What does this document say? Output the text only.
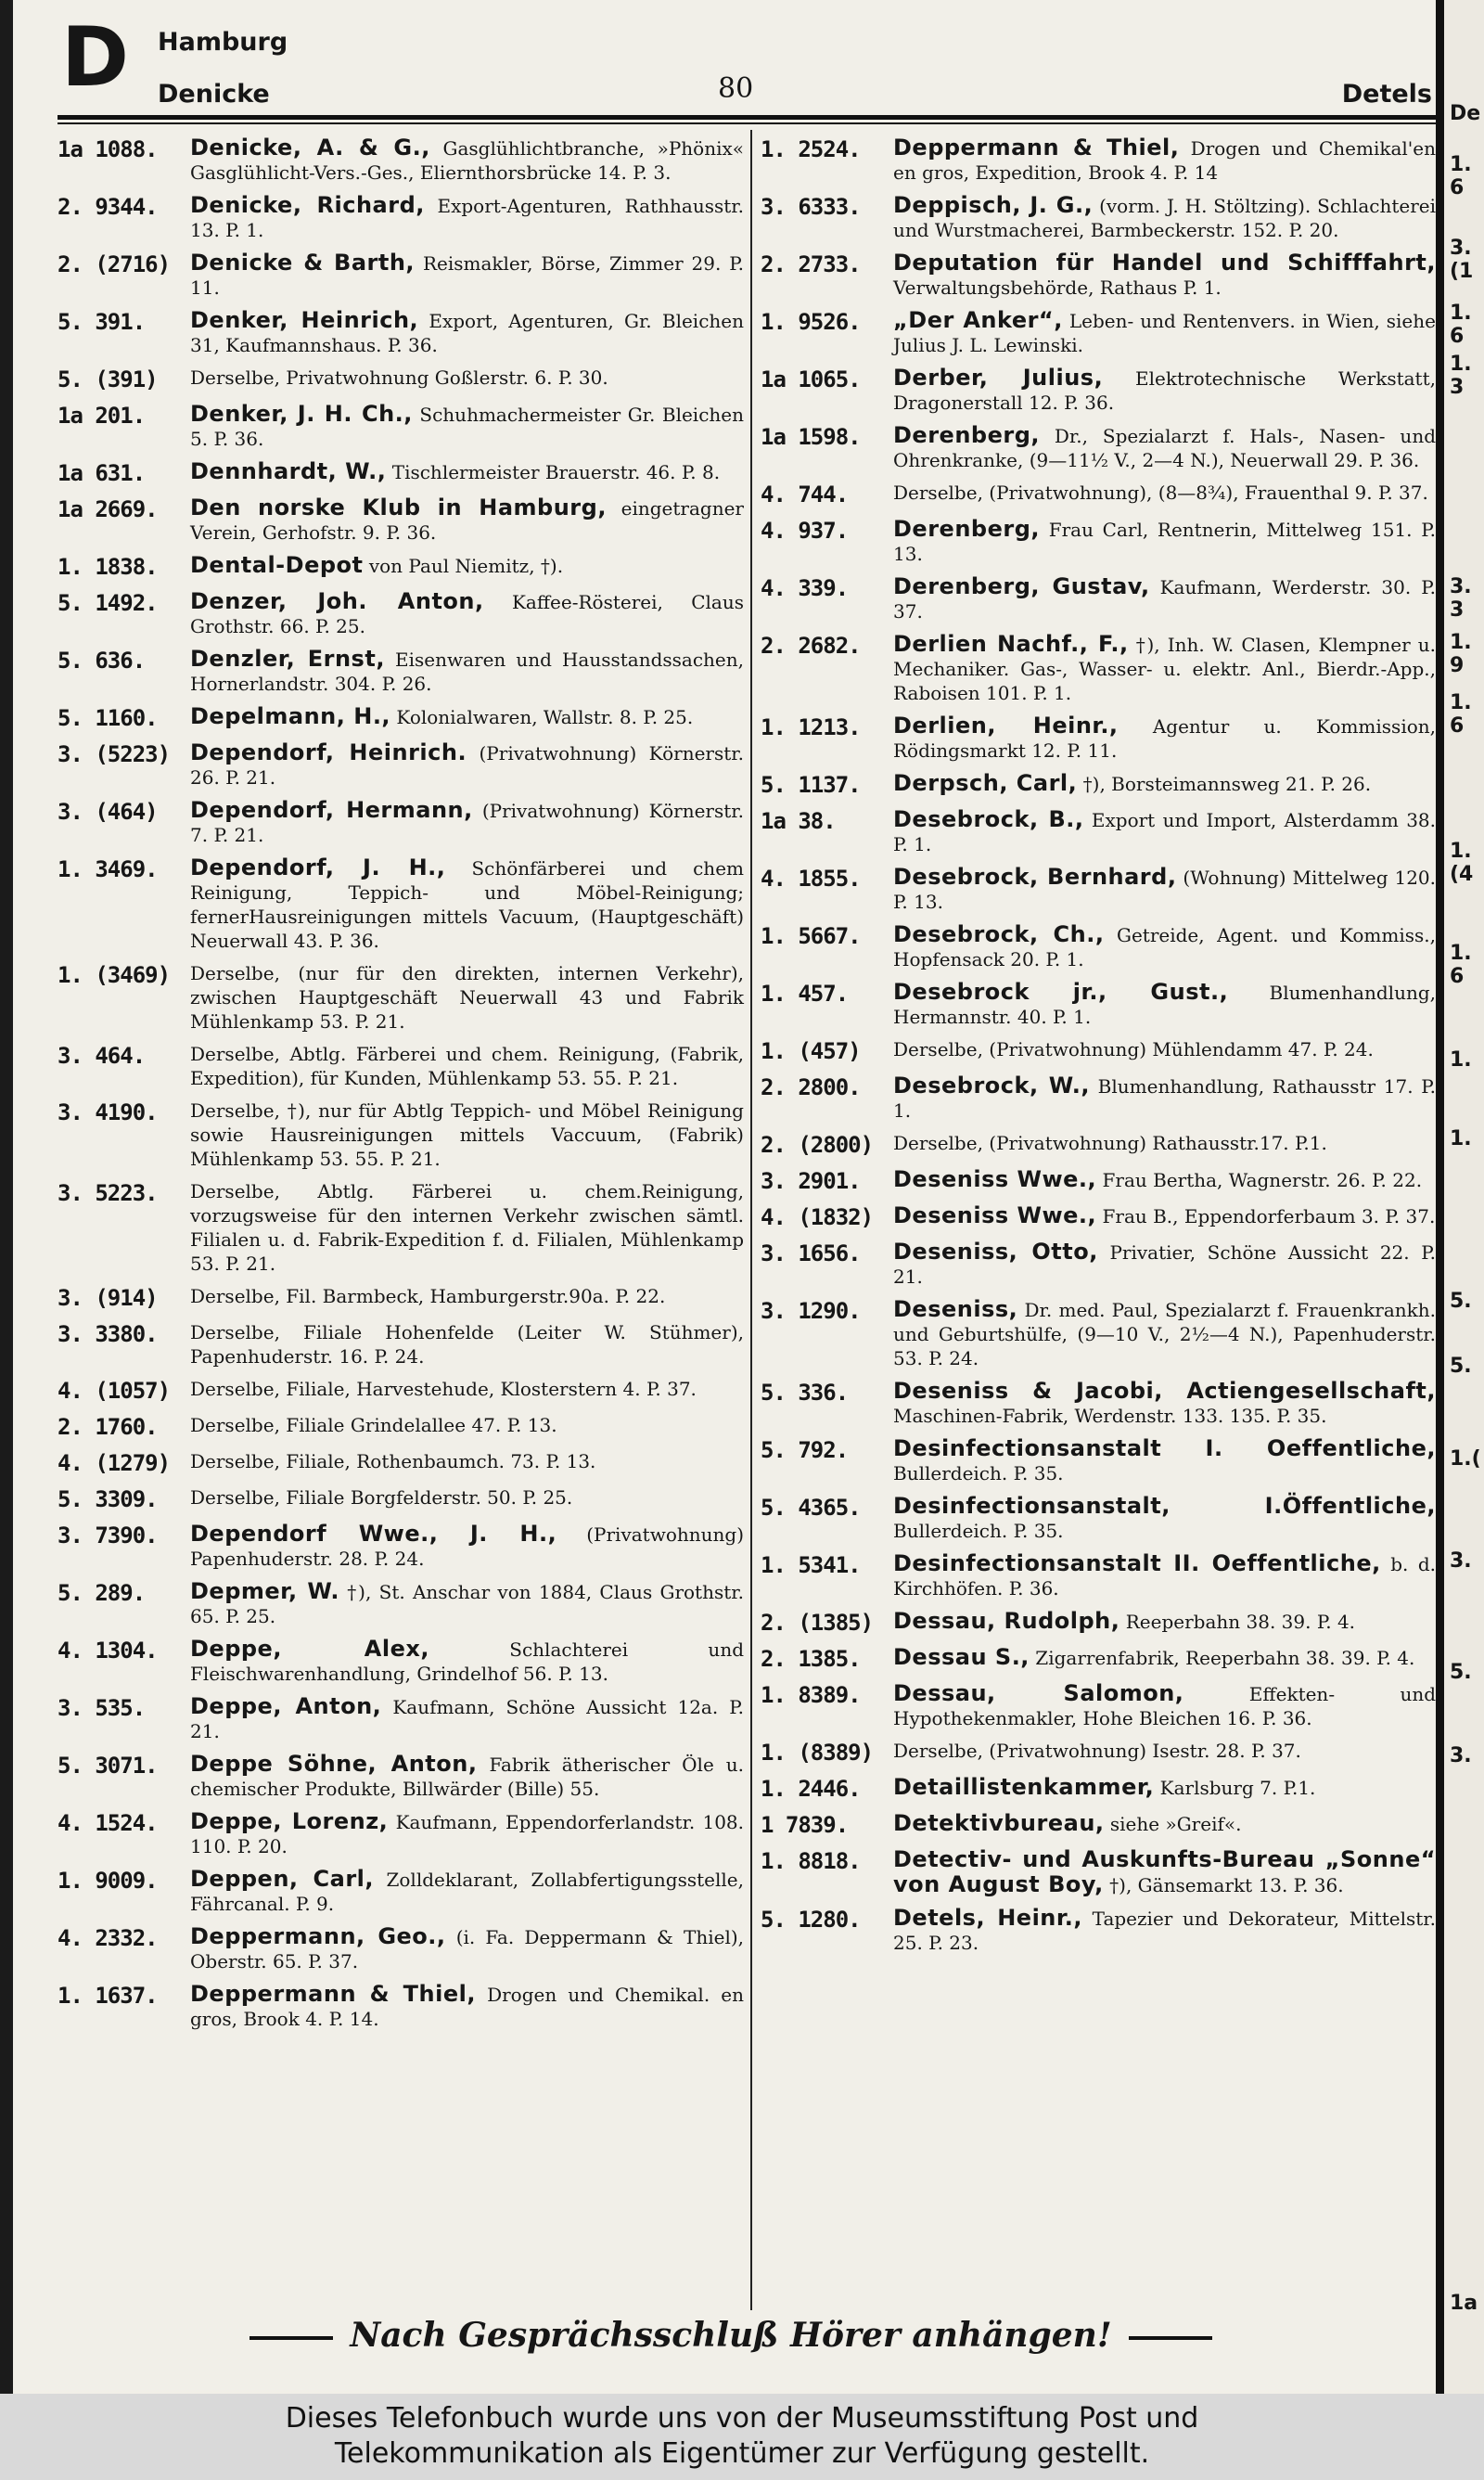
D Hamburg
Denicke	80	Detels
1a 1088.	Denicke, A. & G., Gasglühlichtbranche, »Phönix« Gasglühlicht-Vers.-Ges., Eliernthorsbrücke 14. P. 3.
2. 9344.	Denicke, Richard, Export-Agenturen, Rathhausstr. 13. P. 1.
2. (2716) Denicke & Barth, Reismakler, Börse, Zimmer 29. P. 11.
5. 391.	Denker, Heinrich, Export, Agenturen, Gr. Bleichen 31, Kaufmannshaus. P. 36.
5. (391)	Derselbe, Privatwohnung Goßlerstr. 6. P. 30.
1a 201.	Denker, J. H. Ch., Schuhmachermeister Gr. Bleichen 5. P. 36.
1a 631.	Dennhardt, W., Tischlermeister Brauerstr. 46. P. 8.
1a 2669.	Den norske Klub in Hamburg, eingetragner Verein, Gerhofstr. 9. P. 36.
1. 1838.	Dental-Depot von Paul Niemitz, †).
5. 1492.	Denzer, Joh. Anton, Kaffee-Rösterei, Claus Grothstr. 66. P. 25.
5. 636.	Denzler, Ernst, Eisenwaren und Hausstandssachen, Hornerlandstr. 304. P. 26.
5. 1160.	Depelmann, H., Kolonialwaren, Wallstr. 8. P. 25.
3. (5223) Dependorf, Heinrich. (Privatwohnung) Körnerstr. 26. P. 21.
3. (464)	Dependorf, Hermann, (Privatwohnung) Körnerstr. 7. P. 21.
1. 3469.	Dependorf, J. H., Schönfärberei und chem Reinigung, Teppich- und Möbel-Reinigung; fernerHausreinigungen mittels Vacuum, (Hauptgeschäft) Neuerwall 43. P. 36.
1. (3469)	Derselbe, (nur für den direkten, internen Verkehr), zwischen Hauptgeschäft Neuerwall 43 und Fabrik Mühlenkamp 53. P. 21.
3. 464.	Derselbe, Abtlg. Färberei und chem. Reinigung, (Fabrik, Expedition), für Kunden, Mühlenkamp 53. 55. P. 21.
3. 4190.	Derselbe, †), nur für Abtlg Teppich- und Möbel Reinigung sowie Hausreinigungen mittels Vaccuum, (Fabrik) Mühlenkamp 53. 55. P. 21.
3. 5223.	Derselbe, Abtlg. Färberei u. chem.Reinigung, vorzugsweise für den internen Verkehr zwischen sämtl. Filialen u. d. Fabrik-Expedition f. d. Filialen, Mühlenkamp 53. P. 21.
3. (914)	Derselbe, Fil. Barmbeck, Hamburgerstr.90a. P. 22.
3. 3380.	Derselbe, Filiale Hohenfelde (Leiter W. Stühmer), Papenhuderstr. 16. P. 24.
4. (1057)	Derselbe, Filiale, Harvestehude, Klosterstern 4. P. 37.
2. 1760.	Derselbe, Filiale Grindelallee 47. P. 13.
4. (1279)	Derselbe, Filiale, Rothenbaumch. 73. P. 13.
5. 3309.	Derselbe, Filiale Borgfelderstr. 50. P. 25.
3. 7390.	Dependorf Wwe., J. H., (Privatwohnung) Papenhuderstr. 28. P. 24.
5. 289.	Depmer, W. †), St. Anschar von 1884, Claus Grothstr. 65. P. 25.
4. 1304.	Deppe, Alex, Schlachterei und Fleischwarenhandlung, Grindelhof 56. P. 13.
3. 535.	Deppe, Anton, Kaufmann, Schöne Aussicht 12a. P. 21.
5. 3071.	Deppe Söhne, Anton, Fabrik ätherischer Öle u. chemischer Produkte, Billwärder (Bille) 55.
4. 1524.	Deppe, Lorenz, Kaufmann, Eppendorferlandstr. 108. 110. P. 20.
1. 9009.	Deppen, Carl, Zolldeklarant, Zollabfertigungsstelle, Fährcanal. P. 9.
4. 2332.	Deppermann, Geo., (i. Fa. Deppermann & Thiel), Oberstr. 65. P. 37.
1. 1637.	Deppermann & Thiel, Drogen und Chemikal. en gros, Brook 4. P. 14.
1. 2524.	Deppermann & Thiel, Drogen und Chemikal'en en gros, Expedition, Brook 4. P. 14
3. 6333.	Deppisch, J. G., (vorm. J. H. Stöltzing). Schlachterei und Wurstmacherei, Barmbeckerstr. 152. P. 20.
2. 2733.	Deputation für Handel und Schifffahrt, Verwaltungsbehörde, Rathaus P. 1.
1. 9526.	„Der Anker“, Leben- und Rentenvers. in Wien, siehe Julius J. L. Lewinski.
1a 1065.	Derber, Julius, Elektrotechnische Werkstatt, Dragonerstall 12. P. 36.
1a 1598.	Derenberg, Dr., Spezialarzt f. Hals-, Nasen- und Ohrenkranke, (9—11½ V., 2—4 N.), Neuerwall 29. P. 36.
4. 744.	Derselbe, (Privatwohnung), (8—8¾), Frauenthal 9. P. 37.
4. 937.	Derenberg, Frau Carl, Rentnerin, Mittelweg 151. P. 13.
4. 339.	Derenberg, Gustav, Kaufmann, Werderstr. 30. P. 37.
2. 2682.	Derlien Nachf., F., †), Inh. W. Clasen, Klempner u. Mechaniker. Gas-, Wasser- u. elektr. Anl., Bierdr.-App., Raboisen 101. P. 1.
1. 1213.	Derlien, Heinr., Agentur u. Kommission, Rödingsmarkt 12. P. 11.
5. 1137.	Derpsch, Carl, †), Borsteimannsweg 21. P. 26.
1a 38.	Desebrock, B., Export und Import, Alsterdamm 38. P. 1.
4. 1855.	Desebrock, Bernhard, (Wohnung) Mittelweg 120. P. 13.
1. 5667.	Desebrock, Ch., Getreide, Agent. und Kommiss., Hopfensack 20. P. 1.
1. 457.	Desebrock jr., Gust., Blumenhandlung, Hermannstr. 40. P. 1.
1. (457)	Derselbe, (Privatwohnung) Mühlendamm 47. P. 24.
2. 2800.	Desebrock, W., Blumenhandlung, Rathausstr 17. P. 1.
2. (2800)	Derselbe, (Privatwohnung) Rathausstr.17. P.1.
3. 2901.	Deseniss Wwe., Frau Bertha, Wagnerstr. 26. P. 22.
4. (1832) Deseniss Wwe., Frau B., Eppendorferbaum 3. P. 37.
3. 1656.	Deseniss, Otto, Privatier, Schöne Aussicht 22. P. 21.
3. 1290.	Deseniss, Dr. med. Paul, Spezialarzt f. Frauenkrankh. und Geburtshülfe, (9—10 V., 2½—4 N.), Papenhuderstr. 53. P. 24.
5. 336.	Deseniss & Jacobi, Actiengesellschaft, Maschinen-Fabrik, Werdenstr. 133. 135. P. 35.
5. 792.	Desinfectionsanstalt I. Oeffentliche, Bullerdeich. P. 35.
5. 4365.	Desinfectionsanstalt, I.Öffentliche, Bullerdeich. P. 35.
1. 5341.	Desinfectionsanstalt II. Oeffentliche, b. d. Kirchhöfen. P. 36.
2. (1385) Dessau, Rudolph, Reeperbahn 38. 39. P. 4.
2. 1385.	Dessau S., Zigarrenfabrik, Reeperbahn 38. 39. P. 4.
1. 8389.	Dessau, Salomon, Effekten- und Hypothekenmakler, Hohe Bleichen 16. P. 36.
1. (8389)	Derselbe, (Privatwohnung) Isestr. 28. P. 37.
1. 2446.	Detaillistenkammer, Karlsburg 7. P.1.
1 7839.	Detektivbureau, siehe »Greif«.
1. 8818.	Detectiv- und Auskunfts-Bureau „Sonne“ von August Boy, †), Gänsemarkt 13. P. 36.
5. 1280.	Detels, Heinr., Tapezier und Dekorateur, Mittelstr. 25. P. 23.
Nach Gesprächsschluß Hörer anhängen!
De
1. 6
3.(1
1. 6
1. 3
3. 3
1. 9
1. 6
1.(4
1. 6
1.
1.
5.
5.
1.(
3.
5.
3.
1a
Dieses Telefonbuch wurde uns von der Museumsstiftung Post und
Telekommunikation als Eigentümer zur Verfügung gestellt.
